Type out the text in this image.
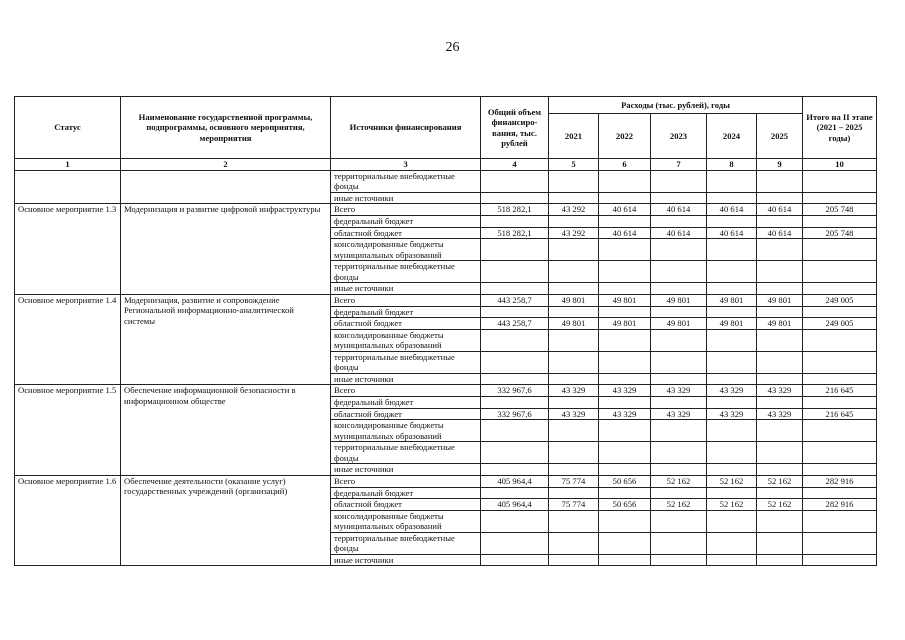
26
Статус	Наименование государственной программы, подпрограммы, основного мероприятия, мероприятия	Источники финансирования	Общий объем финансиро-вания, тыс. рублей	Расходы (тыс. рублей), годы					Итого на II этапе (2021 – 2025 годы)
				2021	2022	2023	2024	2025	
1	2	3	4	5	6	7	8	9	10
		территориальные внебюджетные фонды							
		иные источники							
Основное мероприятие 1.3	Модернизация и развитие цифровой инфраструктуры	Всего	518 282,1	43 292	40 614	40 614	40 614	40 614	205 748
		федеральный бюджет							
		областной бюджет	518 282,1	43 292	40 614	40 614	40 614	40 614	205 748
		консолидированные бюджеты муниципальных образований							
		территориальные внебюджетные фонды							
		иные источники							
Основное мероприятие 1.4	Модернизация, развитие и сопровождение Региональной информационно-аналитической системы	Всего	443 258,7	49 801	49 801	49 801	49 801	49 801	249 005
		федеральный бюджет							
		областной бюджет	443 258,7	49 801	49 801	49 801	49 801	49 801	249 005
		консолидированные бюджеты муниципальных образований							
		территориальные внебюджетные фонды							
		иные источники							
Основное мероприятие 1.5	Обеспечение информационной безопасности в информационном обществе	Всего	332 967,6	43 329	43 329	43 329	43 329	43 329	216 645
		федеральный бюджет							
		областной бюджет	332 967,6	43 329	43 329	43 329	43 329	43 329	216 645
		консолидированные бюджеты муниципальных образований							
		территориальные внебюджетные фонды							
		иные источники							
Основное мероприятие 1.6	Обеспечение деятельности (оказание услуг) государственных учреждений (организаций)	Всего	405 964,4	75 774	50 656	52 162	52 162	52 162	282 916
		федеральный бюджет							
		областной бюджет	405 964,4	75 774	50 656	52 162	52 162	52 162	282 916
		консолидированные бюджеты муниципальных образований							
		территориальные внебюджетные фонды							
		иные источники							
